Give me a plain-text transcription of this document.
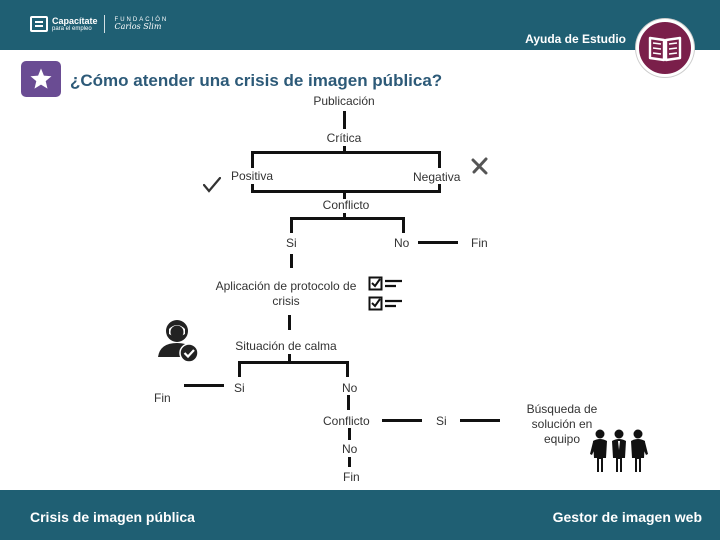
Capacítate
para el empleo
FUNDACIÓN
Carlos Slim
Ayuda de Estudio
¿Cómo atender una crisis de imagen pública?
Publicación
Crítica
Positiva	Negativa
Conflicto
Si	No	Fin
Aplicación de protocolo de crisis
Situación de calma
Si	No
Fin
Conflicto	Si
Búsqueda de solución en equipo
No
Fin
Crisis de imagen pública	Gestor de imagen web
